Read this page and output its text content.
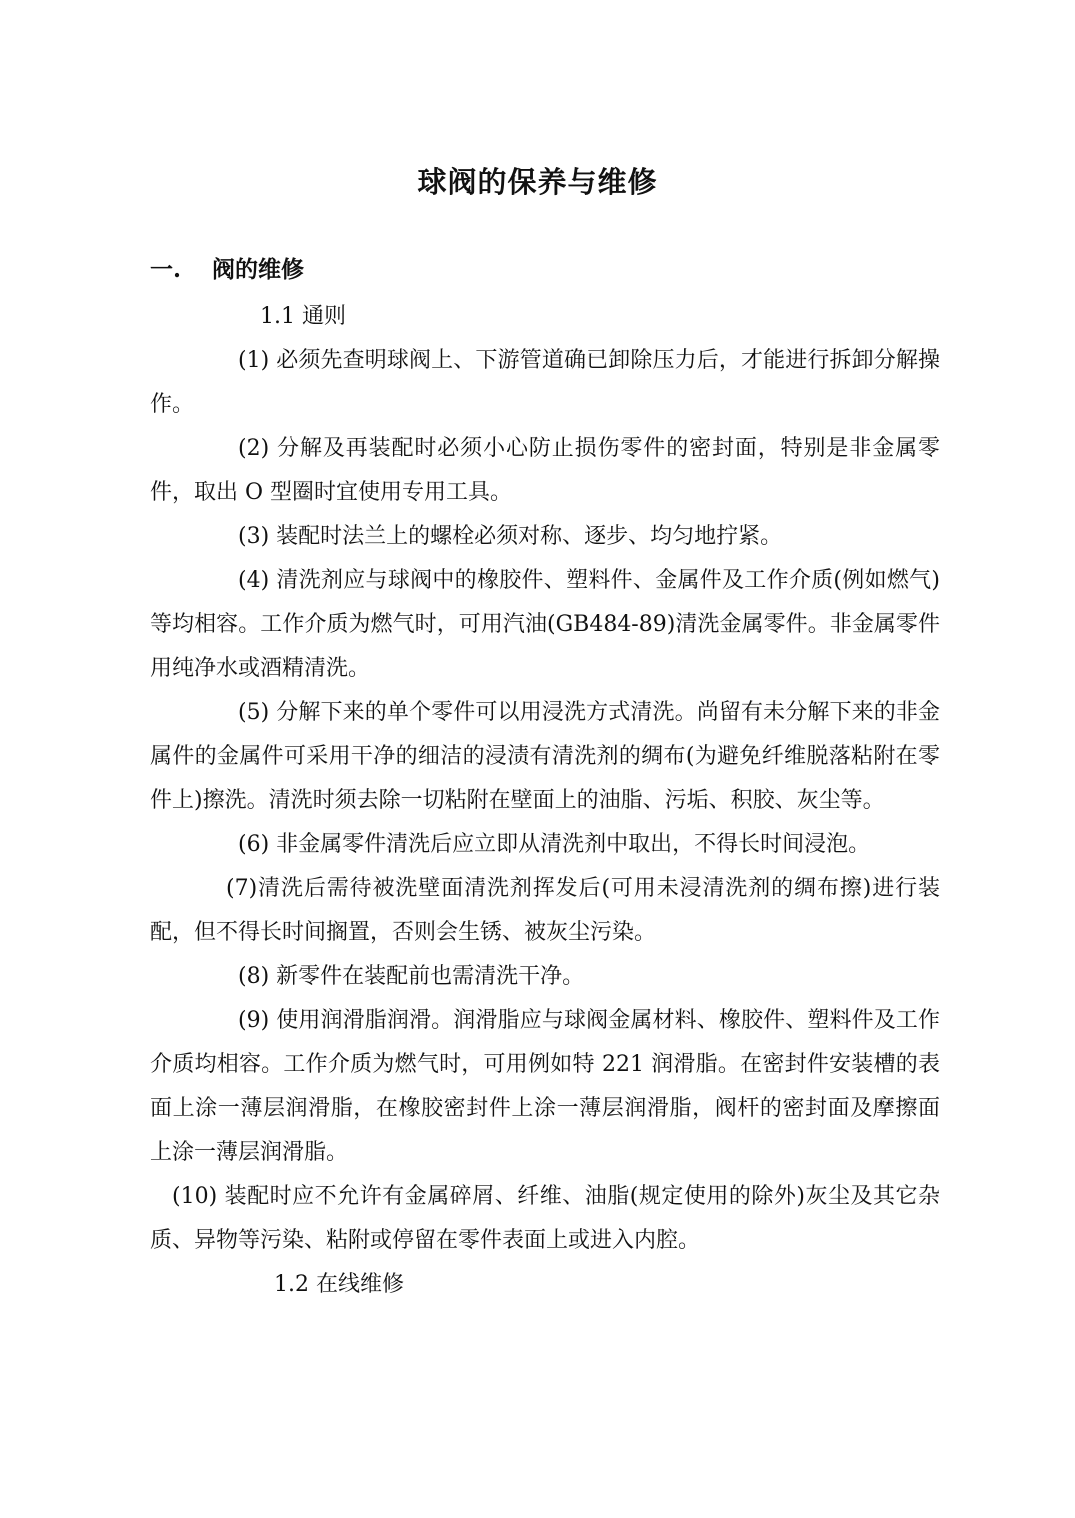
球阀的保养与维修
一. 阀的维修

1.1 通则

(1) 必须先查明球阀上、下游管道确已卸除压力后，才能进行拆卸分解操作。

(2) 分解及再装配时必须小心防止损伤零件的密封面，特别是非金属零件，取出 O 型圈时宜使用专用工具。

(3) 装配时法兰上的螺栓必须对称、逐步、均匀地拧紧。

(4) 清洗剂应与球阀中的橡胶件、塑料件、金属件及工作介质(例如燃气)等均相容。工作介质为燃气时，可用汽油(GB484-89)清洗金属零件。非金属零件用纯净水或酒精清洗。

(5) 分解下来的单个零件可以用浸洗方式清洗。尚留有未分解下来的非金属件的金属件可采用干净的细洁的浸渍有清洗剂的绸布(为避免纤维脱落粘附在零件上)擦洗。清洗时须去除一切粘附在壁面上的油脂、污垢、积胶、灰尘等。

(6) 非金属零件清洗后应立即从清洗剂中取出，不得长时间浸泡。

(7)清洗后需待被洗壁面清洗剂挥发后(可用未浸清洗剂的绸布擦)进行装配，但不得长时间搁置，否则会生锈、被灰尘污染。

(8) 新零件在装配前也需清洗干净。

(9) 使用润滑脂润滑。润滑脂应与球阀金属材料、橡胶件、塑料件及工作介质均相容。工作介质为燃气时，可用例如特 221 润滑脂。在密封件安装槽的表面上涂一薄层润滑脂，在橡胶密封件上涂一薄层润滑脂，阀杆的密封面及摩擦面上涂一薄层润滑脂。

(10) 装配时应不允许有金属碎屑、纤维、油脂(规定使用的除外)灰尘及其它杂质、异物等污染、粘附或停留在零件表面上或进入内腔。

1.2 在线维修
